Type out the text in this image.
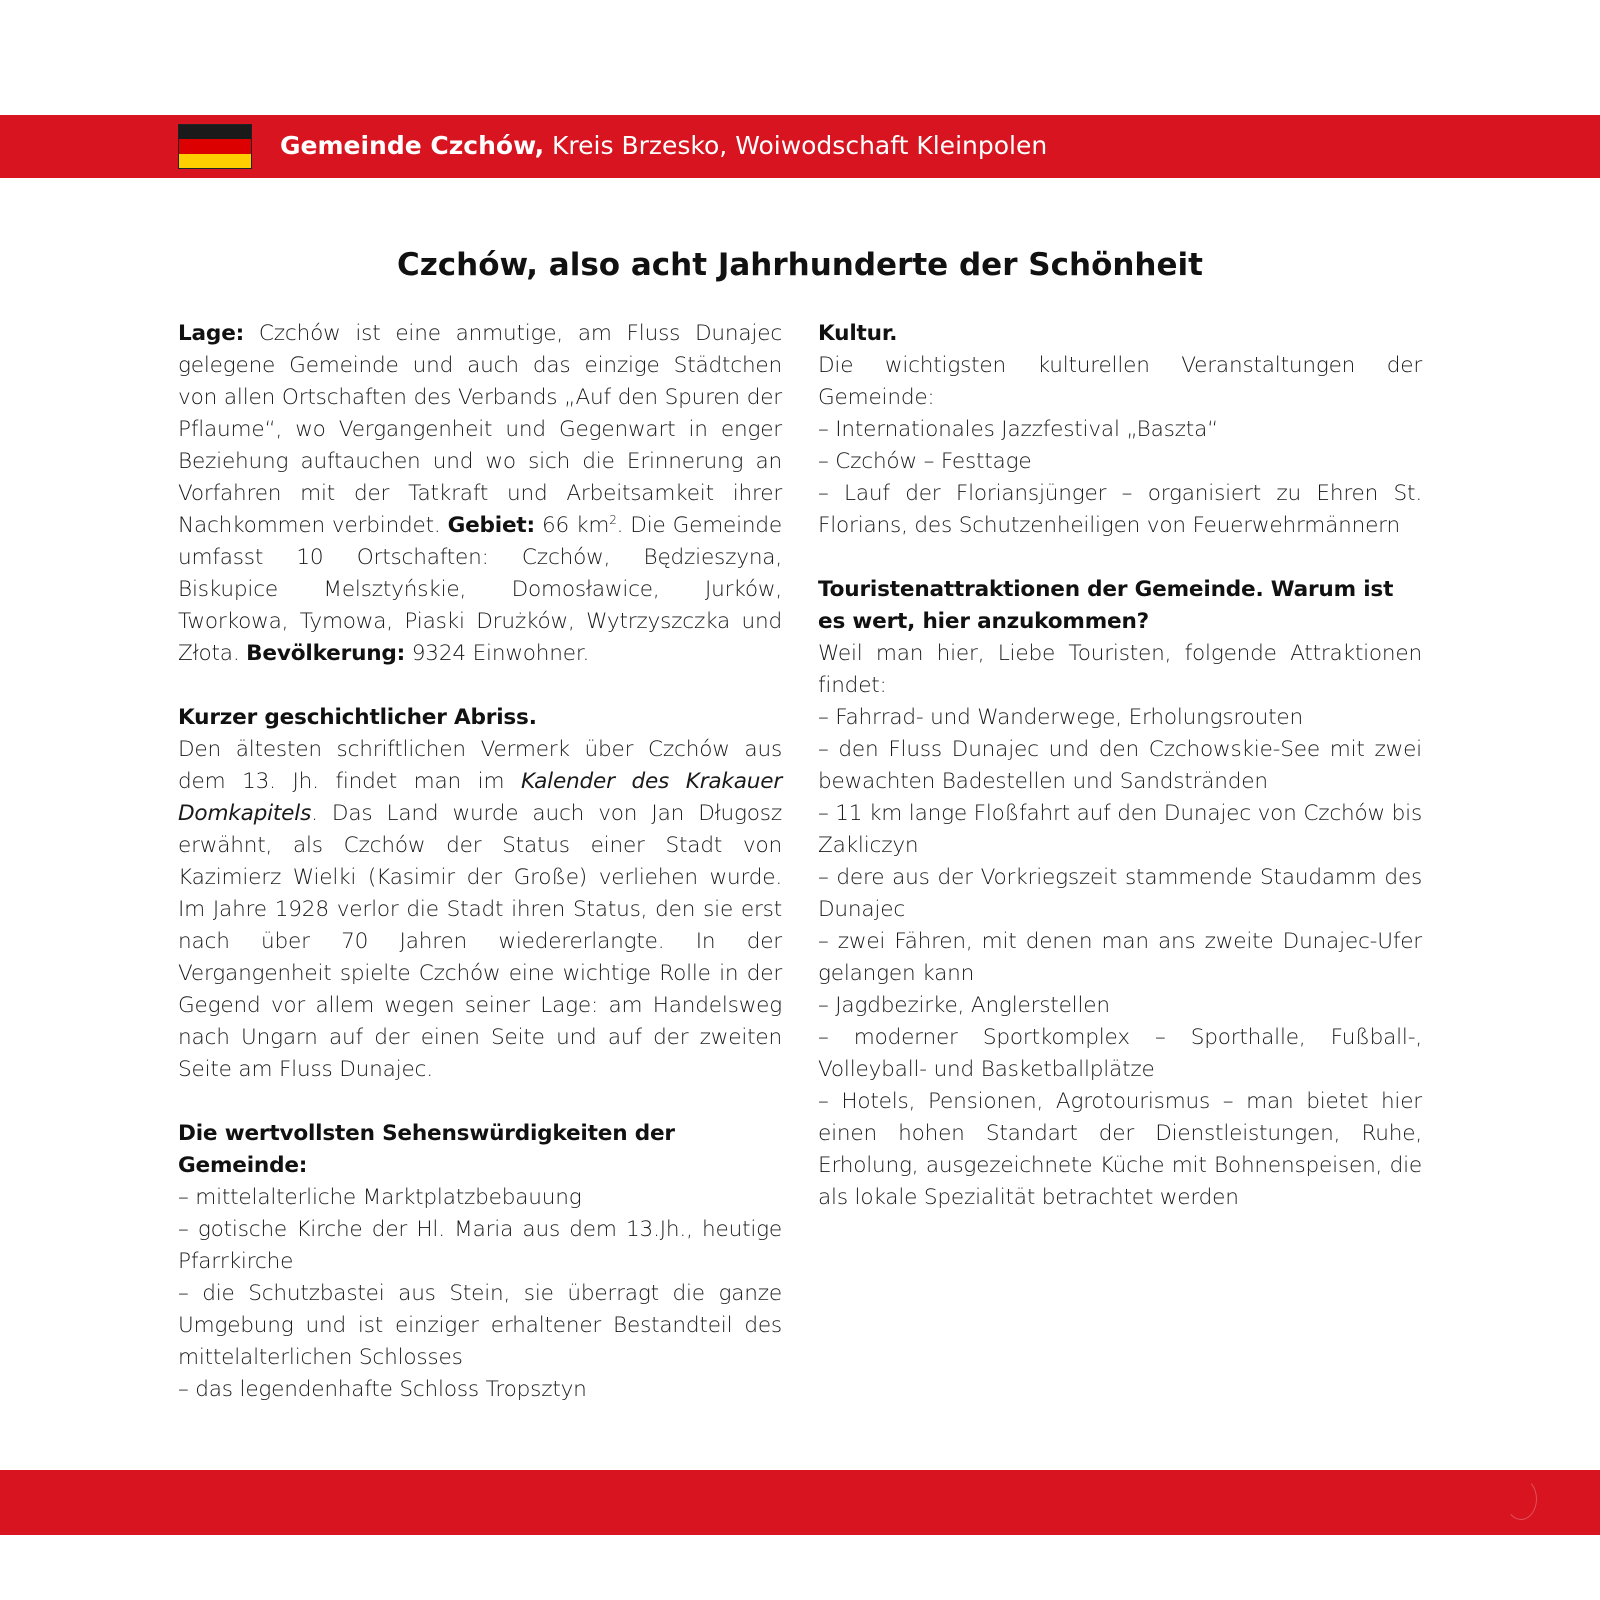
Gemeinde Czchów, Kreis Brzesko, Woiwodschaft Kleinpolen
Czchów, also acht Jahrhunderte der Schönheit

Lage: Czchów ist eine anmutige, am Fluss Dunajec gelegene Gemeinde und auch das einzige Städtchen von allen Ortschaften des Verbands „Auf den Spuren der Pflaume“, wo Vergangenheit und Gegenwart in enger Beziehung auftauchen und wo sich die Erinnerung an Vorfahren mit der Tatkraft und Arbeitsamkeit ihrer Nachkommen verbindet. Gebiet: 66 $km^2$. Die Gemeinde umfasst 10 Ortschaften: Czchów, Będzieszyna, Biskupice Melsztyńskie, Domosławice, Jurków, Tworkowa, Tymowa, Piaski Drużków, Wytrzyszczka und Złota. Bevölkerung: 9324 Einwohner.

Kurzer geschichtlicher Abriss.

Den ältesten schriftlichen Vermerk über Czchów aus dem 13. Jh. findet man im Kalender des Krakauer Domkapitels. Das Land wurde auch von Jan Długosz erwähnt, als Czchów der Status einer Stadt von Kazimierz Wielki (Kasimir der Große) verliehen wurde. Im Jahre 1928 verlor die Stadt ihren Status, den sie erst nach über 70 Jahren wiedererlangte. In der Vergangenheit spielte Czchów eine wichtige Rolle in der Gegend vor allem wegen seiner Lage: am Handelsweg nach Ungarn auf der einen Seite und auf der zweiten Seite am Fluss Dunajec.

Die wertvollsten Sehenswürdigkeiten der Gemeinde:

– mittelalterliche Marktplatzbebauung
– gotische Kirche der Hl. Maria aus dem 13.Jh., heutige Pfarrkirche
– die Schutzbastei aus Stein, sie überragt die ganze Umgebung und ist einziger erhaltener Bestandteil des mittelalterlichen Schlosses
– das legendenhafte Schloss Tropsztyn

Kultur.

Die wichtigsten kulturellen Veranstaltungen der Gemeinde:

– Internationales Jazzfestival „Baszta“
– Czchów – Festtage
– Lauf der Floriansjünger – organisiert zu Ehren St. Florians, des Schutzenheiligen von Feuerwehrmännern

Touristenattraktionen der Gemeinde. Warum ist es wert, hier anzukommen?

Weil man hier, Liebe Touristen, folgende Attraktionen findet:

– Fahrrad- und Wanderwege, Erholungsrouten
– den Fluss Dunajec und den Czchowskie-See mit zwei bewachten Badestellen und Sandstränden
– 11 km lange Floßfahrt auf den Dunajec von Czchów bis Zakliczyn
– dere aus der Vorkriegszeit stammende Staudamm des Dunajec
– zwei Fähren, mit denen man ans zweite Dunajec-Ufer gelangen kann
– Jagdbezirke, Anglerstellen
– moderner Sportkomplex – Sporthalle, Fußball-, Volleyball- und Basketballplätze
– Hotels, Pensionen, Agrotourismus – man bietet hier einen hohen Standart der Dienstleistungen, Ruhe, Erholung, ausgezeichnete Küche mit Bohnenspeisen, die als lokale Spezialität betrachtet werden
